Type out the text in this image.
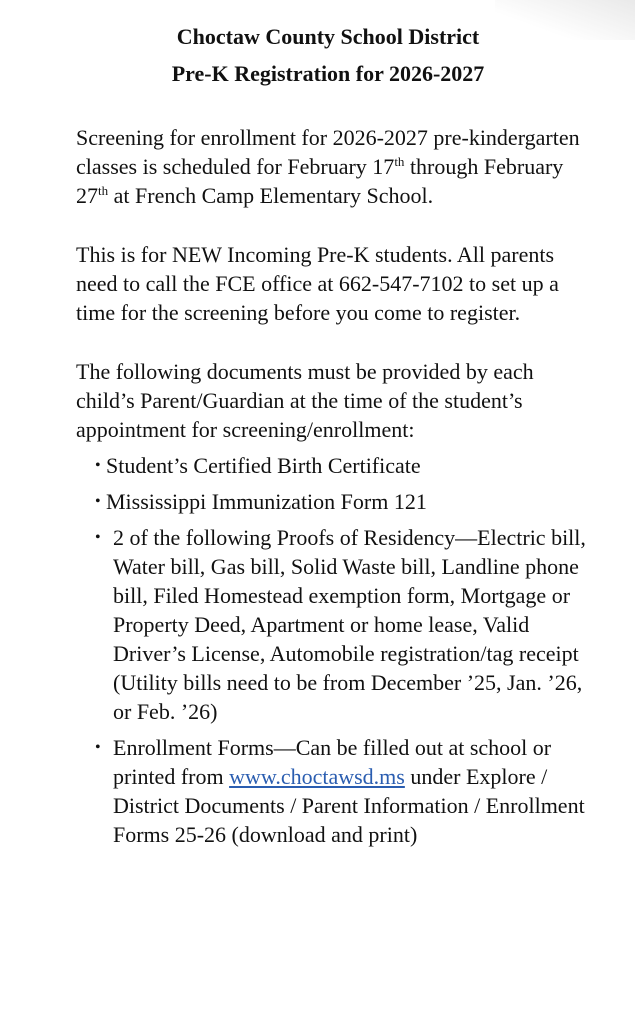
Choctaw County School District
Pre-K Registration for 2026-2027

Screening for enrollment for 2026-2027 pre-kindergarten classes is scheduled for February 17th through February 27th at French Camp Elementary School.

This is for NEW Incoming Pre-K students. All parents need to call the FCE office at 662-547-7102 to set up a time for the screening before you come to register.

The following documents must be provided by each child’s Parent/Guardian at the time of the student’s appointment for screening/enrollment:

• Student’s Certified Birth Certificate
• Mississippi Immunization Form 121
• 2 of the following Proofs of Residency—Electric bill, Water bill, Gas bill, Solid Waste bill, Landline phone bill, Filed Homestead exemption form, Mortgage or Property Deed, Apartment or home lease, Valid Driver’s License, Automobile registration/tag receipt (Utility bills need to be from December ’25, Jan. ’26, or Feb. ’26)
• Enrollment Forms—Can be filled out at school or printed from www.choctawsd.ms under Explore / District Documents / Parent Information / Enrollment Forms 25-26 (download and print)
